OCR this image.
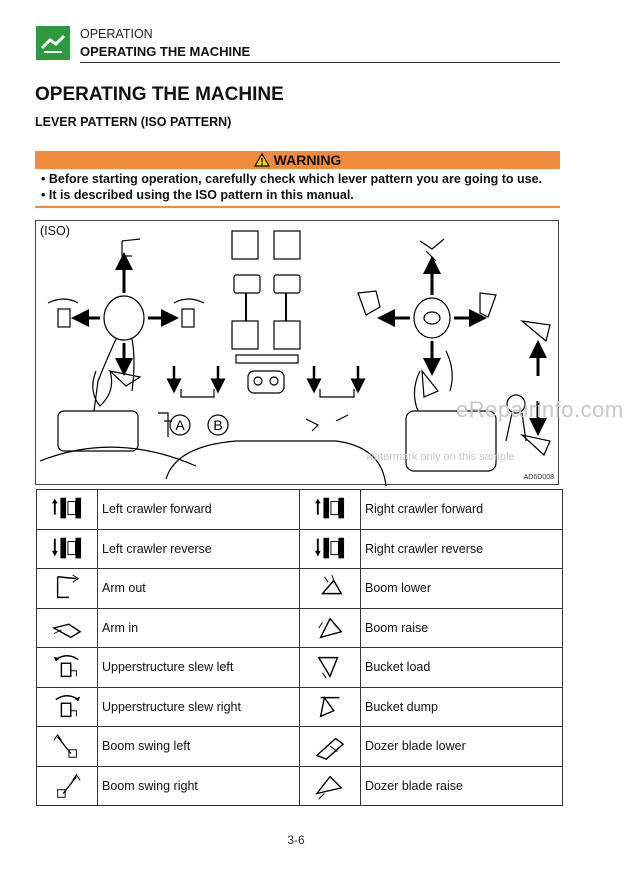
OPERATION
OPERATING THE MACHINE
OPERATING THE MACHINE
LEVER PATTERN (ISO PATTERN)
WARNING
• Before starting operation, carefully check which lever pattern you are going to use.
• It is described using the ISO pattern in this manual.
A B
(ISO)
AD6D008
eRepairinfo.com
watermark only on this sample
	Left crawler forward		Right crawler forward

	Left crawler reverse		Right crawler reverse

	Arm out		Boom lower

	Arm in		Boom raise

	Upperstructure slew left		Bucket load

	Upperstructure slew right		Bucket dump

	Boom swing left		Dozer blade lower

	Boom swing right		Dozer blade raise
3-6
